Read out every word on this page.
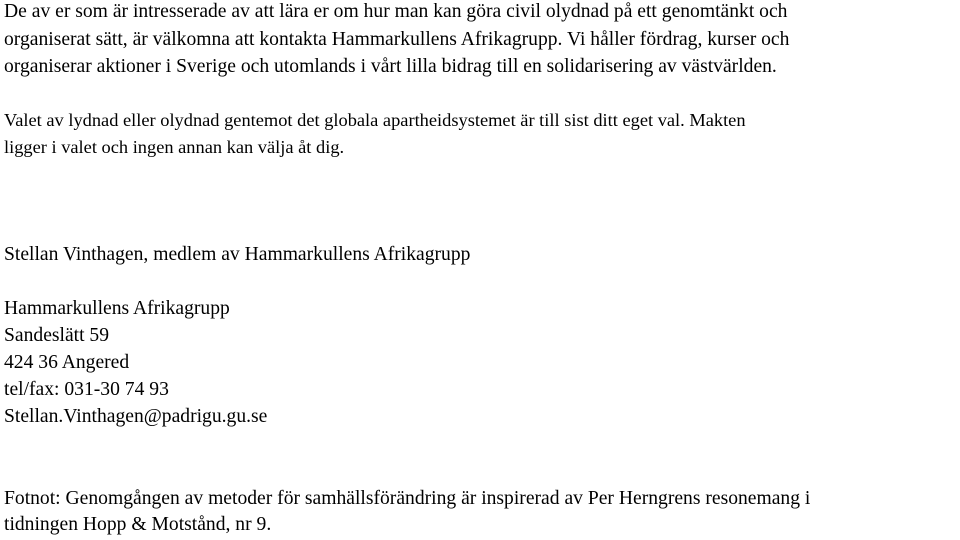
De av er som är intresserade av att lära er om hur man kan göra civil olydnad på ett genomtänkt och
organiserat sätt, är välkomna att kontakta Hammarkullens Afrikagrupp. Vi håller fördrag, kurser och
organiserar aktioner i Sverige och utomlands i vårt lilla bidrag till en solidarisering av västvärlden.
Valet av lydnad eller olydnad gentemot det globala apartheidsystemet är till sist ditt eget val. Makten
ligger i valet och ingen annan kan välja åt dig.
Stellan Vinthagen, medlem av Hammarkullens Afrikagrupp
Hammarkullens Afrikagrupp
Sandeslätt 59
424 36 Angered
tel/fax: 031-30 74 93
Stellan.Vinthagen@padrigu.gu.se
Fotnot: Genomgången av metoder för samhällsförändring är inspirerad av Per Herngrens resonemang i
tidningen Hopp & Motstånd, nr 9.
